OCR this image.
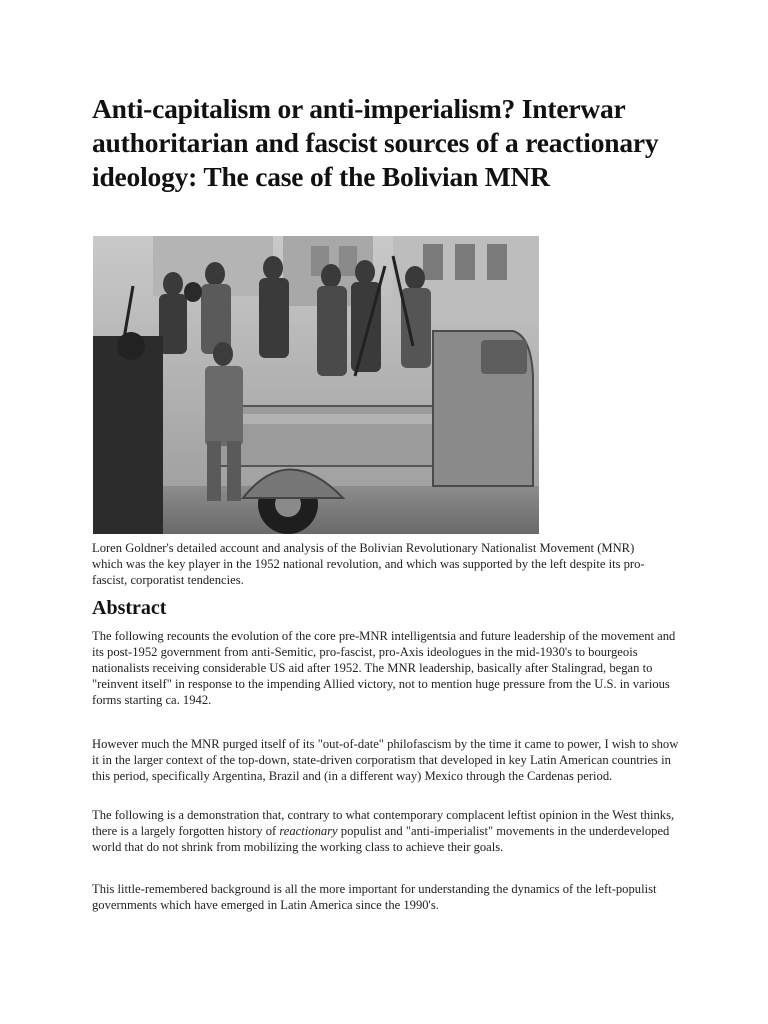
Anti-capitalism or anti-imperialism? Interwar authoritarian and fascist sources of a reactionary ideology: The case of the Bolivian MNR

Loren Goldner's detailed account and analysis of the Bolivian Revolutionary Nationalist Movement (MNR) which was the key player in the 1952 national revolution, and which was supported by the left despite its pro-fascist, corporatist tendencies.

Abstract

The following recounts the evolution of the core pre-MNR intelligentsia and future leadership of the movement and its post-1952 government from anti-Semitic, pro-fascist, pro-Axis ideologues in the mid-1930's to bourgeois nationalists receiving considerable US aid after 1952. The MNR leadership, basically after Stalingrad, began to "reinvent itself" in response to the impending Allied victory, not to mention huge pressure from the U.S. in various forms starting ca. 1942.

However much the MNR purged itself of its "out-of-date" philofascism by the time it came to power, I wish to show it in the larger context of the top-down, state-driven corporatism that developed in key Latin American countries in this period, specifically Argentina, Brazil and (in a different way) Mexico through the Cardenas period.

The following is a demonstration that, contrary to what contemporary complacent leftist opinion in the West thinks, there is a largely forgotten history of reactionary populist and "anti-imperialist" movements in the underdeveloped world that do not shrink from mobilizing the working class to achieve their goals.

This little-remembered background is all the more important for understanding the dynamics of the left-populist governments which have emerged in Latin America since the 1990's.
